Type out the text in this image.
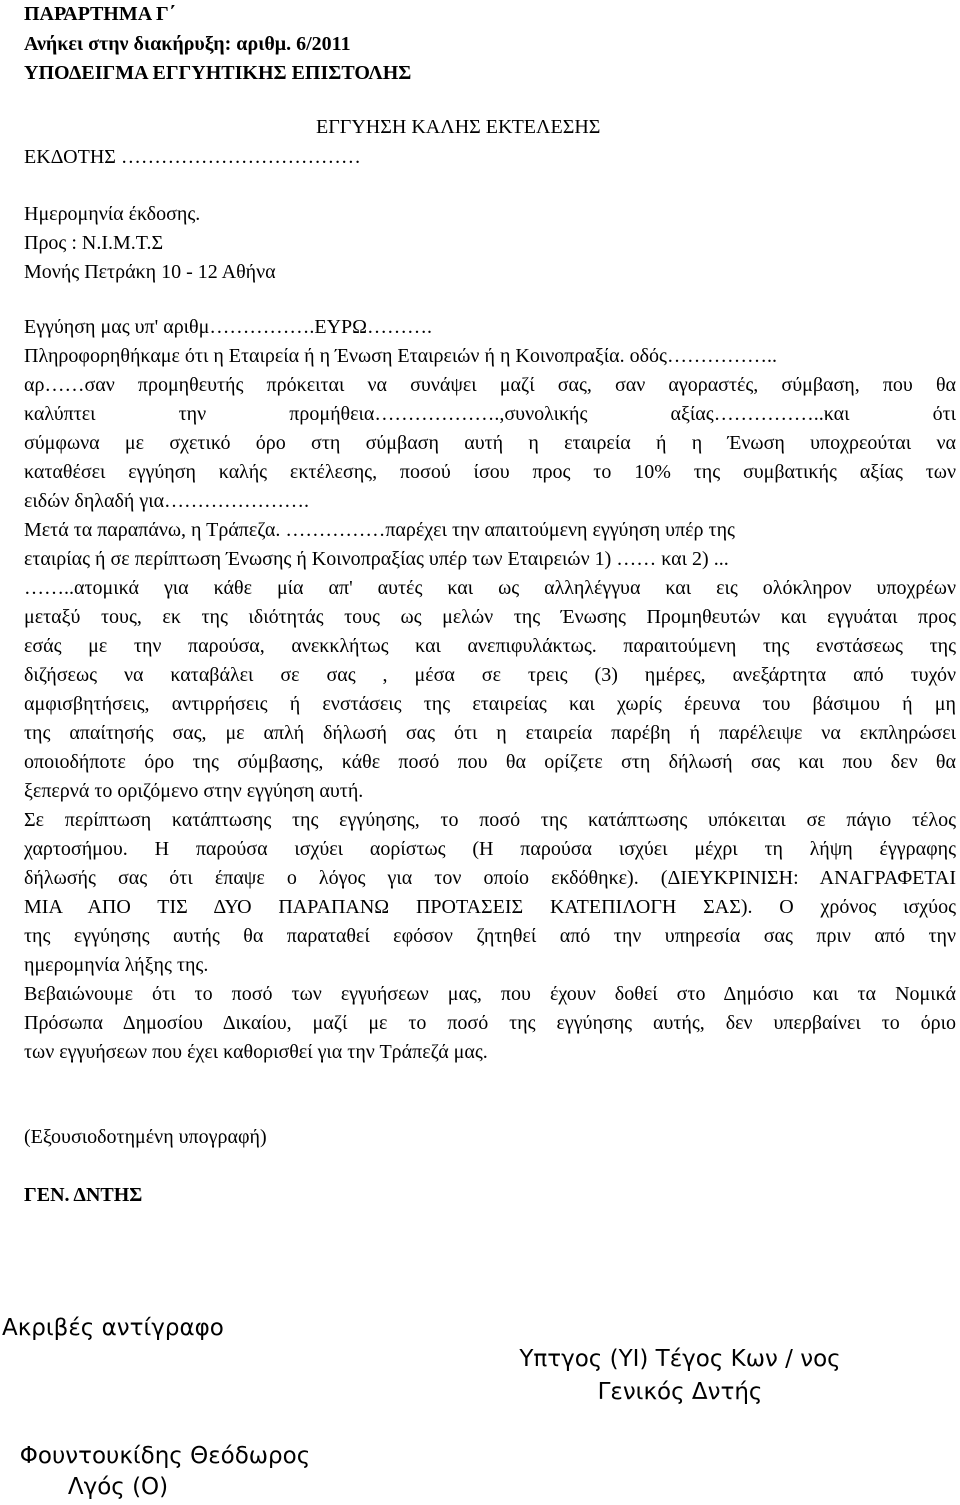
ΠΑΡΑΡΤΗΜΑ Γ΄
Ανήκει στην διακήρυξη: αριθμ. 6/2011
ΥΠΟΔΕΙΓΜΑ ΕΓΓΥΗΤΙΚΗΣ ΕΠΙΣΤΟΛΗΣ
ΕΓΓΥΗΣΗ ΚΑΛΗΣ ΕΚΤΕΛΕΣΗΣ
ΕΚΔΟΤΗΣ ………………………………
Ημερομηνία έκδοσης.
Προς : Ν.Ι.Μ.Τ.Σ
Μονής Πετράκη 10 - 12 Αθήνα
Εγγύηση μας υπ' αριθμ…………….ΕΥΡΩ……….
Πληροφορηθήκαμε ότι η Εταιρεία ή η Ένωση Εταιρειών ή η Κοινοπραξία. οδός……………..
αρ……σαν προμηθευτής πρόκειται να συνάψει μαζί σας, σαν αγοραστές, σύμβαση, που θα
καλύπτει την προμήθεια……………….,συνολικής αξίας……………..και ότι
σύμφωνα με σχετικό όρο στη σύμβαση αυτή η εταιρεία ή η Ένωση υποχρεούται να
καταθέσει εγγύηση καλής εκτέλεσης, ποσού ίσου προς το 10% της συμβατικής αξίας των
ειδών δηλαδή για………………….
Μετά τα παραπάνω, η Τράπεζα. ……………παρέχει την απαιτούμενη εγγύηση υπέρ της
εταιρίας ή σε περίπτωση Ένωσης ή Κοινοπραξίας υπέρ των Εταιρειών 1) …… και 2) ...
……..ατομικά για κάθε μία απ' αυτές και ως αλληλέγγυα και εις ολόκληρον υποχρέων
μεταξύ τους, εκ της ιδιότητάς τους ως μελών της Ένωσης Προμηθευτών και εγγυάται προς
εσάς με την παρούσα, ανεκκλήτως και ανεπιφυλάκτως. παραιτούμενη της ενστάσεως της
διζήσεως να καταβάλει σε σας , μέσα σε τρεις (3) ημέρες, ανεξάρτητα από τυχόν
αμφισβητήσεις, αντιρρήσεις ή ενστάσεις της εταιρείας και χωρίς έρευνα του βάσιμου ή μη
της απαίτησής σας, με απλή δήλωσή σας ότι η εταιρεία παρέβη ή παρέλειψε να εκπληρώσει
οποιοδήποτε όρο της σύμβασης, κάθε ποσό που θα ορίζετε στη δήλωσή σας και που δεν θα
ξεπερνά το οριζόμενο στην εγγύηση αυτή.
Σε περίπτωση κατάπτωσης της εγγύησης, το ποσό της κατάπτωσης υπόκειται σε πάγιο τέλος
χαρτοσήμου. Η παρούσα ισχύει αορίστως (Η παρούσα ισχύει μέχρι τη λήψη έγγραφης
δήλωσής σας ότι έπαψε ο λόγος για τον οποίο εκδόθηκε). (ΔΙΕΥΚΡΙΝΙΣΗ: ΑΝΑΓΡΑΦΕΤΑΙ
ΜΙΑ ΑΠΟ ΤΙΣ ΔΥΟ ΠΑΡΑΠΑΝΩ ΠΡΟΤΑΣΕΙΣ ΚΑΤΕΠΙΛΟΓΗ ΣΑΣ). Ο χρόνος ισχύος
της εγγύησης αυτής θα παραταθεί εφόσον ζητηθεί από την υπηρεσία σας πριν από την
ημερομηνία λήξης της.
Βεβαιώνουμε ότι το ποσό των εγγυήσεων μας, που έχουν δοθεί στο Δημόσιο και τα Νομικά
Πρόσωπα Δημοσίου Δικαίου, μαζί με το ποσό της εγγύησης αυτής, δεν υπερβαίνει το όριο
των εγγυήσεων που έχει καθορισθεί για την Τράπεζά μας.
(Εξουσιοδοτημένη υπογραφή)
ΓΕΝ. ΔΝΤΗΣ
Ακριβές αντίγραφο
Υπτγος (ΥΙ) Τέγος Κων / νος
Γενικός Δντής
Φουντουκίδης Θεόδωρος
Λγός (Ο)
